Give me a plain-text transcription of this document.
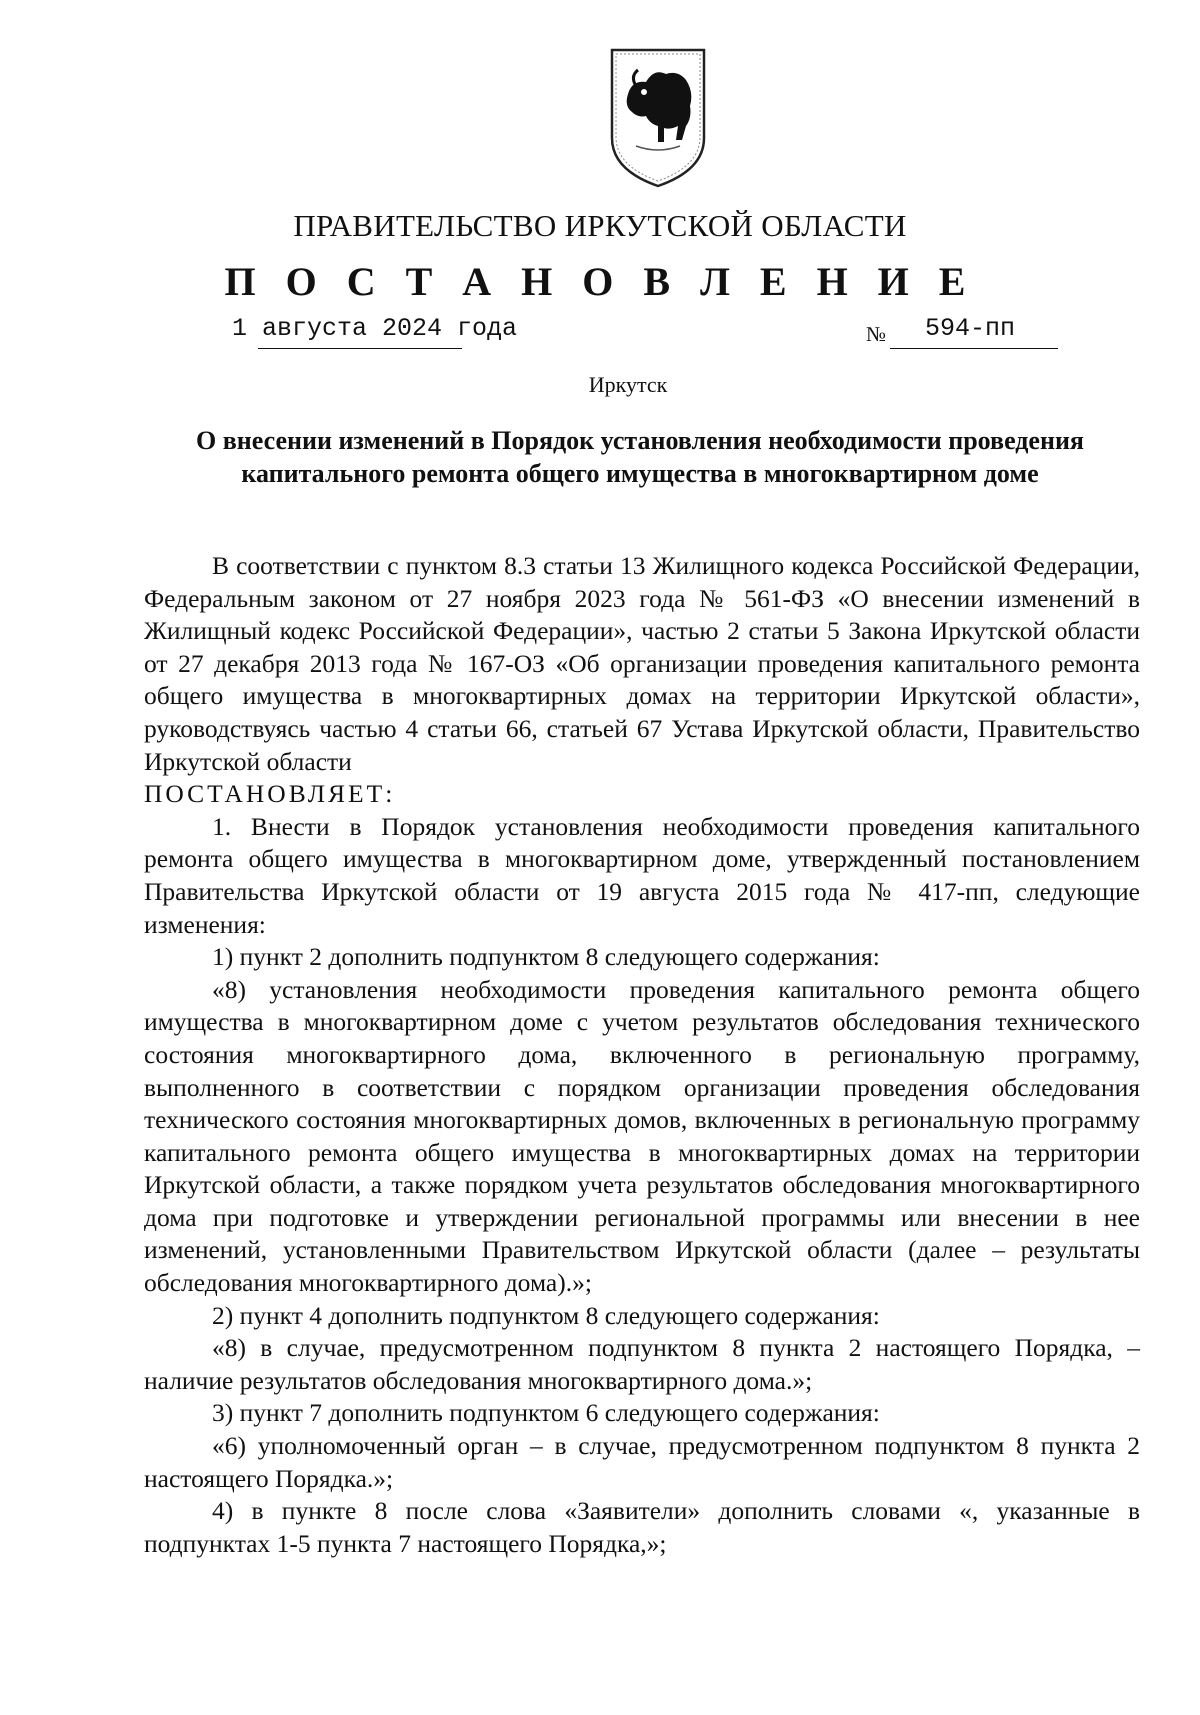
ПРАВИТЕЛЬСТВО ИРКУТСКОЙ ОБЛАСТИ
П О С Т А Н О В Л Е Н И Е
1 августа 2024 года	№ 594-пп
Иркутск
О внесении изменений в Порядок установления необходимости проведения капитального ремонта общего имущества в многоквартирном доме

В соответствии с пунктом 8.3 статьи 13 Жилищного кодекса Российской Федерации, Федеральным законом от 27 ноября 2023 года № 561-ФЗ «О внесении изменений в Жилищный кодекс Российской Федерации», частью 2 статьи 5 Закона Иркутской области от 27 декабря 2013 года № 167-ОЗ «Об организации проведения капитального ремонта общего имущества в многоквартирных домах на территории Иркутской области», руководствуясь частью 4 статьи 66, статьей 67 Устава Иркутской области, Правительство Иркутской области

ПОСТАНОВЛЯЕТ:

1. Внести в Порядок установления необходимости проведения капитального ремонта общего имущества в многоквартирном доме, утвержденный постановлением Правительства Иркутской области от 19 августа 2015 года № 417-пп, следующие изменения:

1) пункт 2 дополнить подпунктом 8 следующего содержания:

«8) установления необходимости проведения капитального ремонта общего имущества в многоквартирном доме с учетом результатов обследования технического состояния многоквартирного дома, включенного в региональную программу, выполненного в соответствии с порядком организации проведения обследования технического состояния многоквартирных домов, включенных в региональную программу капитального ремонта общего имущества в многоквартирных домах на территории Иркутской области, а также порядком учета результатов обследования многоквартирного дома при подготовке и утверждении региональной программы или внесении в нее изменений, установленными Правительством Иркутской области (далее – результаты обследования многоквартирного дома).»;

2) пункт 4 дополнить подпунктом 8 следующего содержания:

«8) в случае, предусмотренном подпунктом 8 пункта 2 настоящего Порядка, – наличие результатов обследования многоквартирного дома.»;

3) пункт 7 дополнить подпунктом 6 следующего содержания:

«6) уполномоченный орган – в случае, предусмотренном подпунктом 8 пункта 2 настоящего Порядка.»;

4) в пункте 8 после слова «Заявители» дополнить словами «, указанные в подпунктах 1-5 пункта 7 настоящего Порядка,»;
